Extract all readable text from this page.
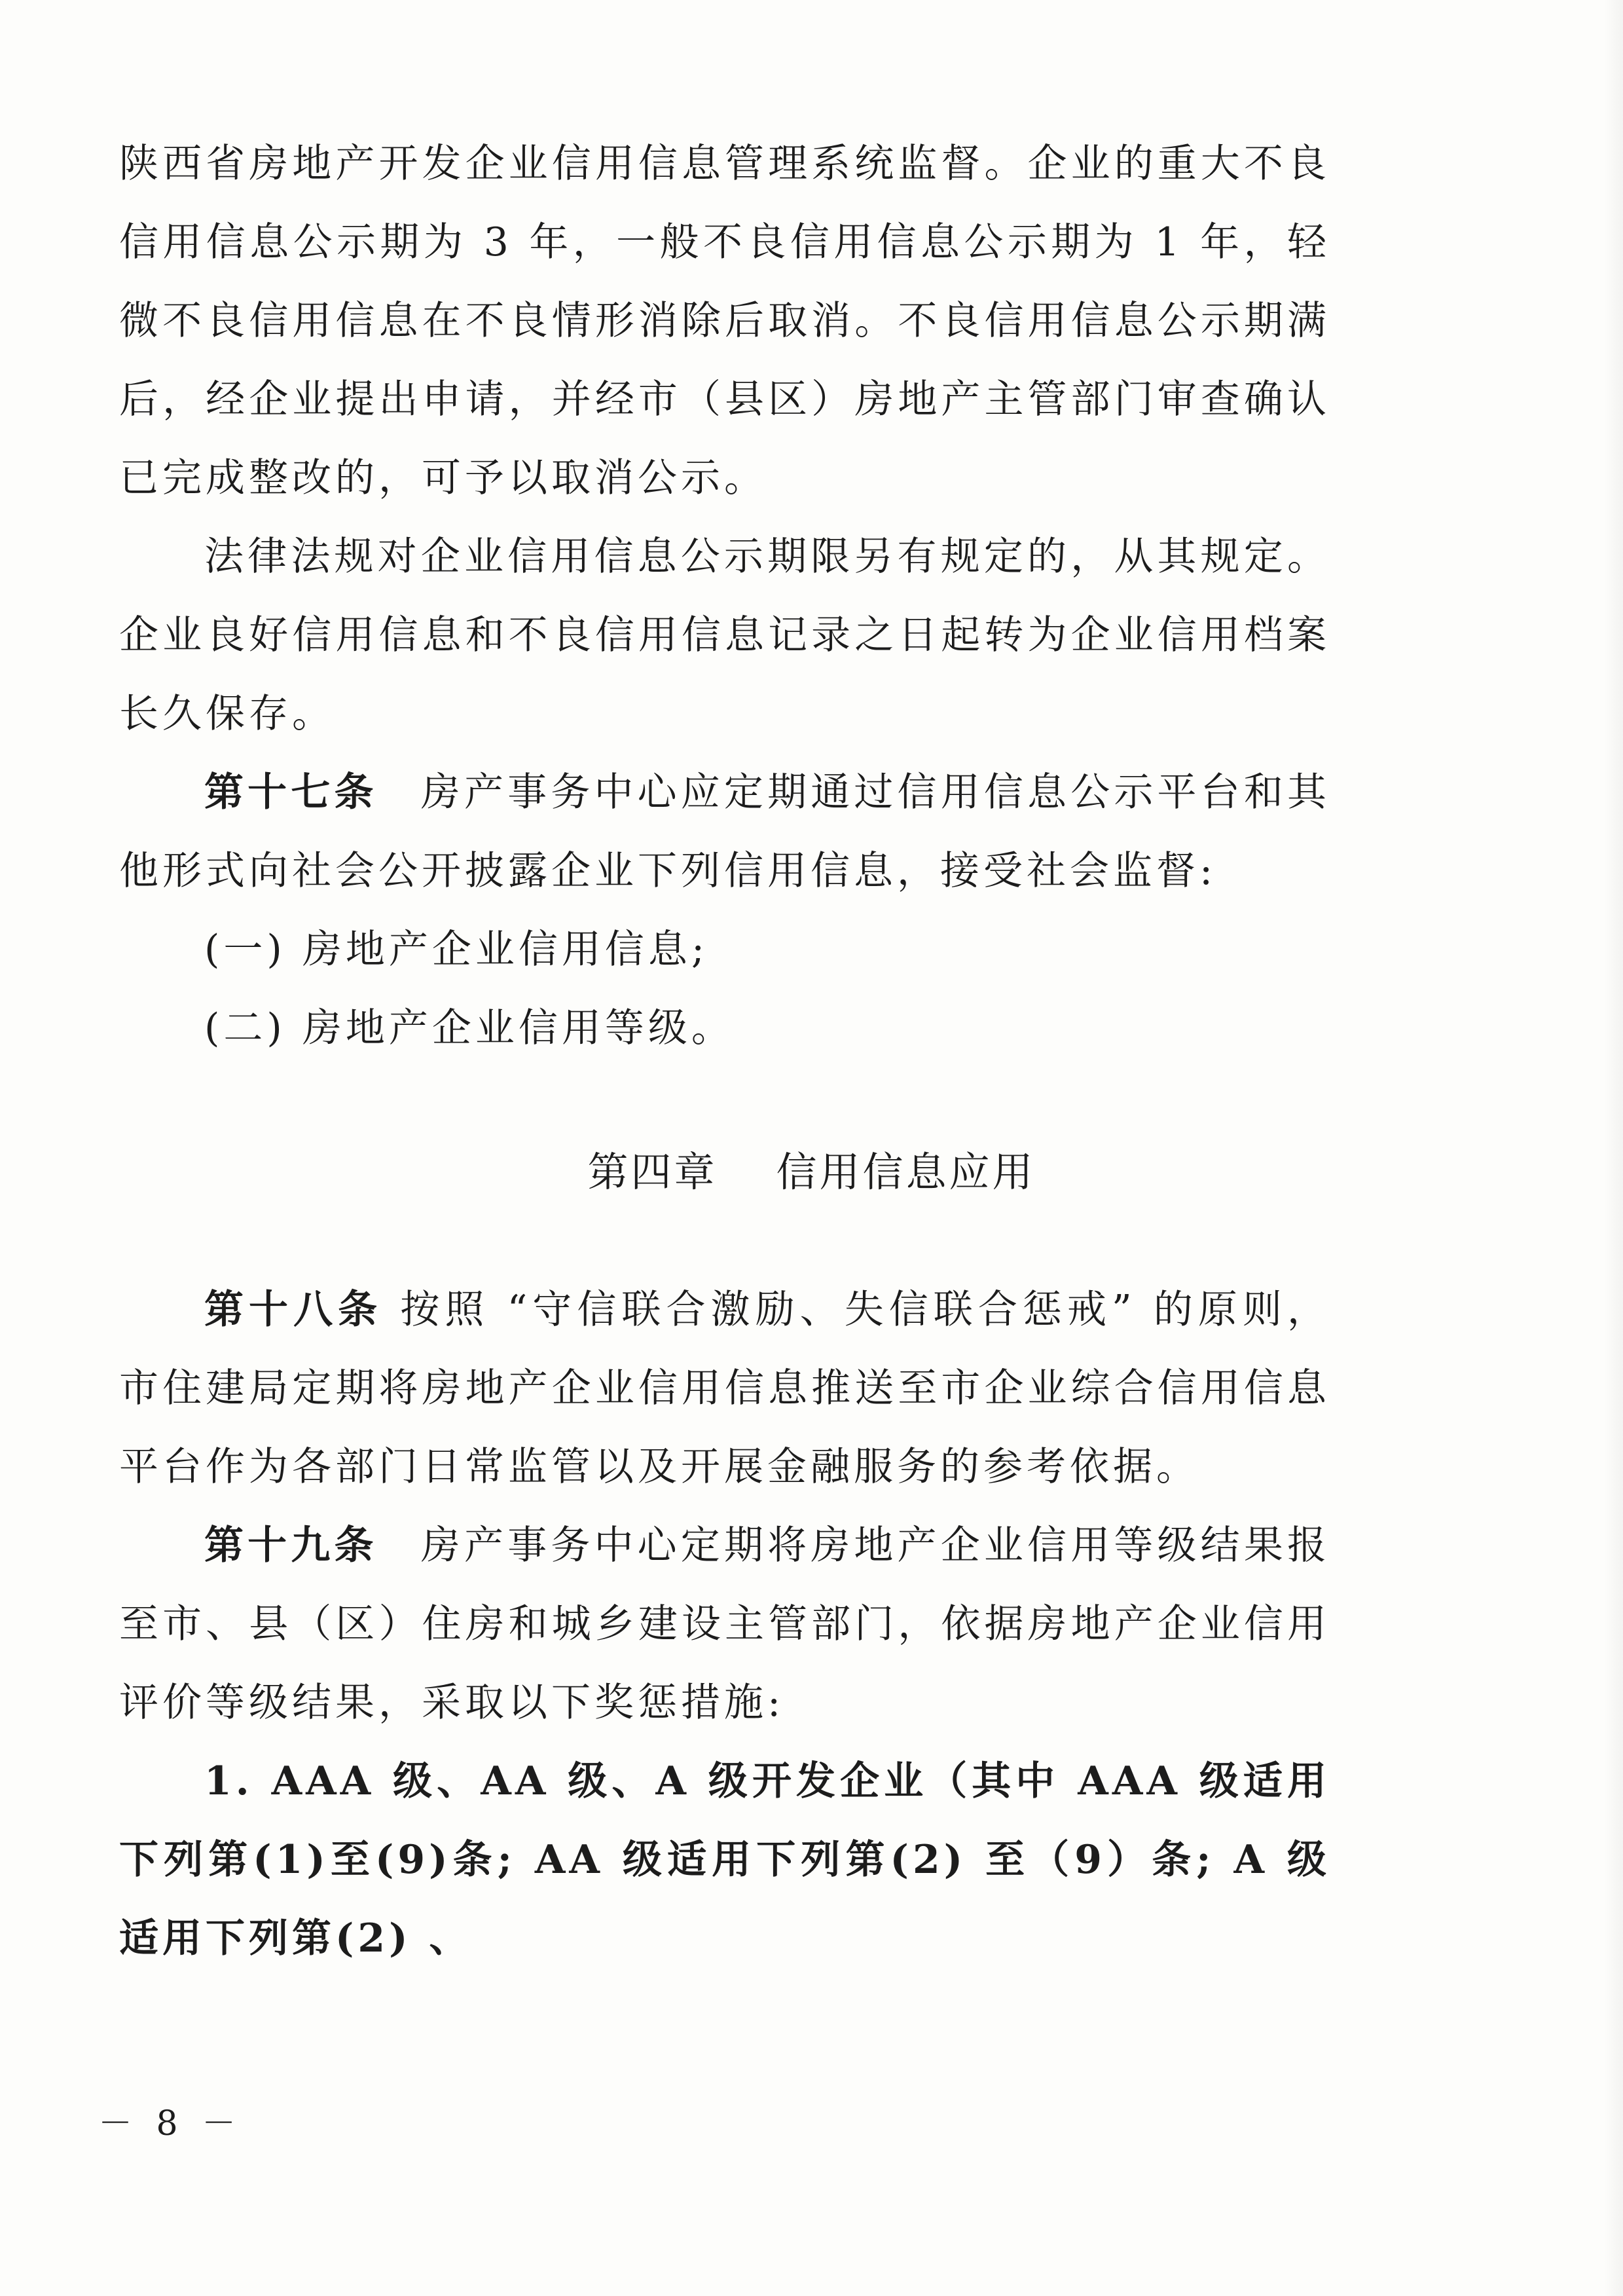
陕西省房地产开发企业信用信息管理系统监督。企业的重大不良信用信息公示期为 3 年，一般不良信用信息公示期为 1 年，轻微不良信用信息在不良情形消除后取消。不良信用信息公示期满后，经企业提出申请，并经市（县区）房地产主管部门审查确认已完成整改的，可予以取消公示。

法律法规对企业信用信息公示期限另有规定的，从其规定。企业良好信用信息和不良信用信息记录之日起转为企业信用档案长久保存。

第十七条　房产事务中心应定期通过信用信息公示平台和其他形式向社会公开披露企业下列信用信息，接受社会监督:

(一) 房地产企业信用信息;

(二) 房地产企业信用等级。

第四章 信用信息应用

第十八条 按照 “守信联合激励、失信联合惩戒” 的原则，市住建局定期将房地产企业信用信息推送至市企业综合信用信息平台作为各部门日常监管以及开展金融服务的参考依据。

第十九条　房产事务中心定期将房地产企业信用等级结果报至市、县（区）住房和城乡建设主管部门，依据房地产企业信用评价等级结果，采取以下奖惩措施:

1. AAA 级、AA 级、A 级开发企业（其中 AAA 级适用下列第(1)至(9)条; AA 级适用下列第(2) 至（9）条; A 级适用下列第(2) 、

－ 8 －
